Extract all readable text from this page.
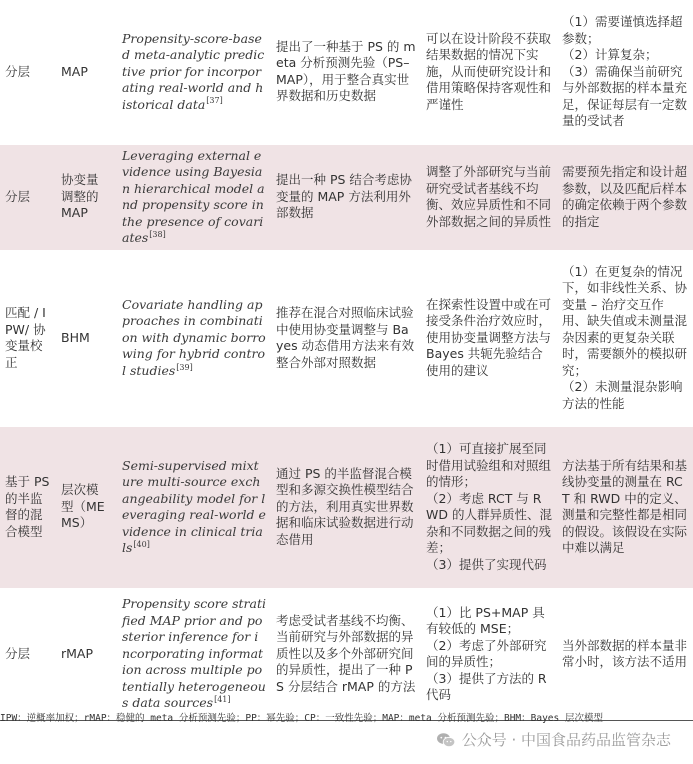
分层	MAP	Propensity-score-based meta-analytic predictive prior for incorporating real-world and historical data[37]	提出了一种基于 PS 的 meta 分析预测先验（PS–MAP），用于整合真实世界数据和历史数据	可以在设计阶段不获取结果数据的情况下实施，从而使研究设计和借用策略保持客观性和严谨性	（1）需要谨慎选择超参数；
（2）计算复杂；
（3）需确保当前研究与外部数据的样本量充足，保证每层有一定数量的受试者
分层	协变量调整的 MAP	Leveraging external evidence using Bayesian hierarchical model and propensity score in the presence of covariates[38]	提出一种 PS 结合考虑协变量的 MAP 方法利用外部数据	调整了外部研究与当前研究受试者基线不均衡、效应异质性和不同外部数据之间的异质性	需要预先指定和设计超参数，以及匹配后样本的确定依赖于两个参数的指定
匹配 / IPW/ 协变量校正	BHM	Covariate handling approaches in combination with dynamic borrowing for hybrid control studies[39]	推荐在混合对照临床试验中使用协变量调整与 Bayes 动态借用方法来有效整合外部对照数据	在探索性设置中或在可接受条件治疗效应时，使用协变量调整方法与 Bayes 共轭先验结合使用的建议	（1）在更复杂的情况下，如非线性关系、协变量 – 治疗交互作用、缺失值或未测量混杂因素的更复杂关联时，需要额外的模拟研究；
（2）未测量混杂影响方法的性能
基于 PS 的半监督的混合模型	层次模型（MEMS）	Semi-supervised mixture multi-source exchangeability model for leveraging real-world evidence in clinical trials[40]	通过 PS 的半监督混合模型和多源交换性模型结合的方法，利用真实世界数据和临床试验数据进行动态借用	（1）可直接扩展至同时借用试验组和对照组的情形；
（2）考虑 RCT 与 RWD 的人群异质性、混杂和不同数据之间的残差；
（3）提供了实现代码	方法基于所有结果和基线协变量的测量在 RCT 和 RWD 中的定义、测量和完整性都是相同的假设。该假设在实际中难以满足
分层	rMAP	Propensity score stratified MAP prior and posterior inference for incorporating information across multiple potentially heterogeneous data sources[41]	考虑受试者基线不均衡、当前研究与外部数据的异质性以及多个外部研究间的异质性，提出了一种 PS 分层结合 rMAP 的方法	（1）比 PS+MAP 具有较低的 MSE；
（2）考虑了外部研究间的异质性；
（3）提供了方法的 R 代码	当外部数据的样本量非常小时，该方法不适用
IPW：逆概率加权；rMAP：稳健的 meta 分析预测先验；PP：幂先验；CP：一致性先验；MAP：meta 分析预测先验；BHM：Bayes 层次模型
公众号 · 中国食品药品监管杂志
